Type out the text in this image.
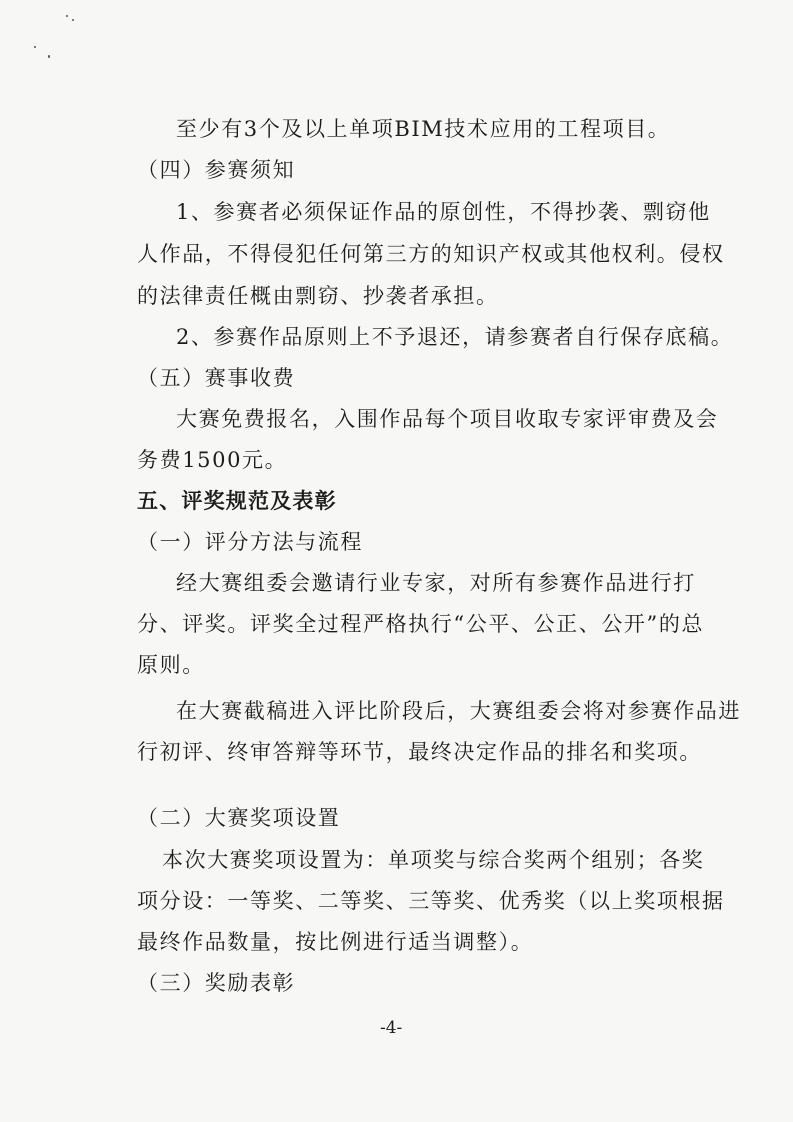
至少有3个及以上单项BIM技术应用的工程项目。
（四）参赛须知
1、参赛者必须保证作品的原创性，不得抄袭、剽窃他
人作品，不得侵犯任何第三方的知识产权或其他权利。侵权
的法律责任概由剽窃、抄袭者承担。
2、参赛作品原则上不予退还，请参赛者自行保存底稿。
（五）赛事收费
大赛免费报名，入围作品每个项目收取专家评审费及会
务费1500元。
五、评奖规范及表彰
（一）评分方法与流程
经大赛组委会邀请行业专家，对所有参赛作品进行打
分、评奖。评奖全过程严格执行“公平、公正、公开”的总
原则。
在大赛截稿进入评比阶段后，大赛组委会将对参赛作品进
行初评、终审答辩等环节，最终决定作品的排名和奖项。
（二）大赛奖项设置
本次大赛奖项设置为：单项奖与综合奖两个组别；各奖
项分设：一等奖、二等奖、三等奖、优秀奖（以上奖项根据
最终作品数量，按比例进行适当调整）。
（三）奖励表彰
-4-
